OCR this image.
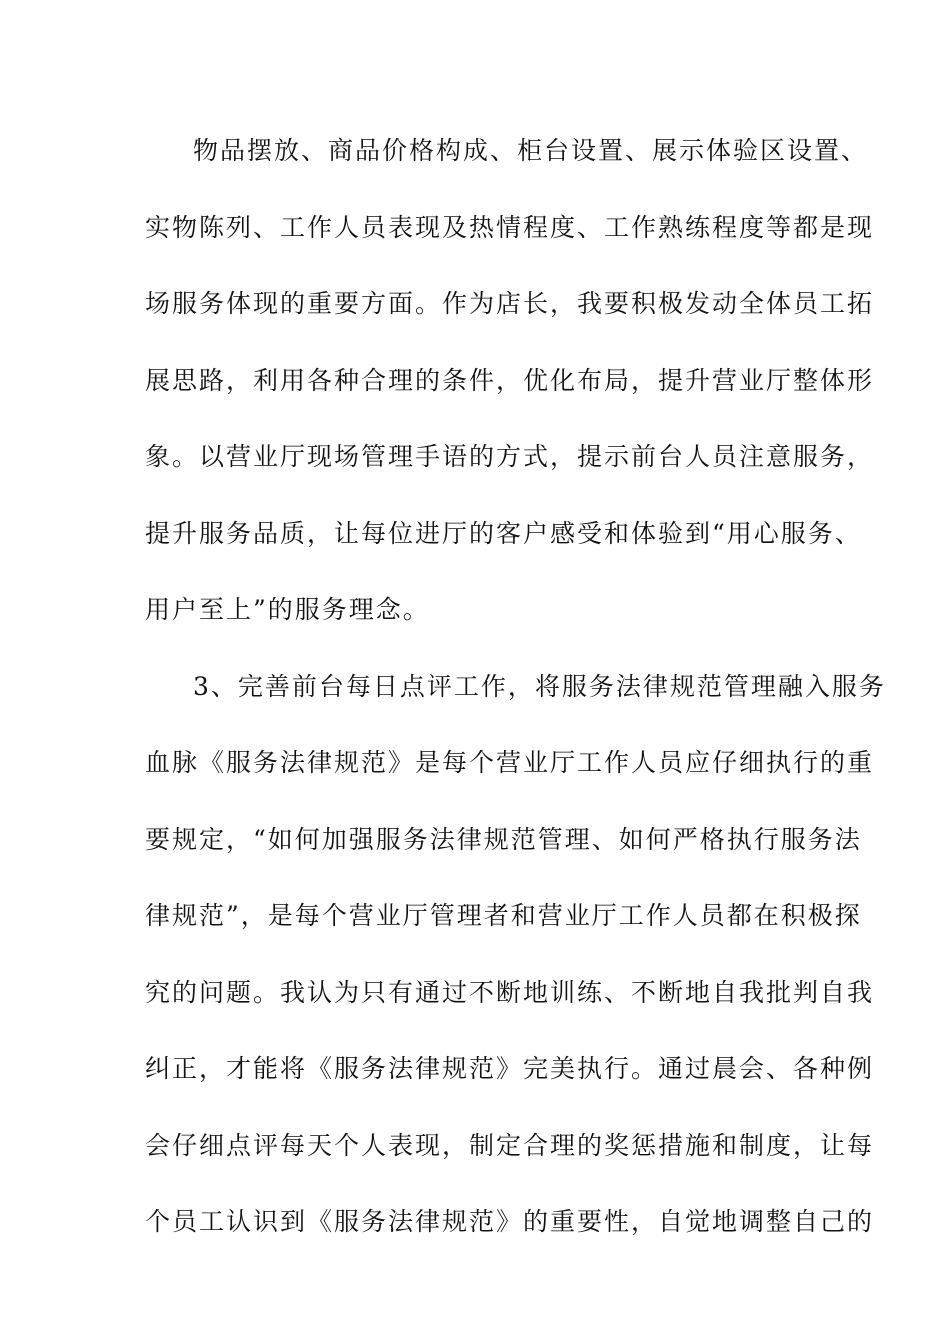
物品摆放、商品价格构成、柜台设置、展示体验区设置、
实物陈列、工作人员表现及热情程度、工作熟练程度等都是现
场服务体现的重要方面。作为店长，我要积极发动全体员工拓
展思路，利用各种合理的条件，优化布局，提升营业厅整体形
象。以营业厅现场管理手语的方式，提示前台人员注意服务，
提升服务品质，让每位进厅的客户感受和体验到“用心服务、
用户至上”的服务理念。
3、完善前台每日点评工作，将服务法律规范管理融入服务
血脉《服务法律规范》是每个营业厅工作人员应仔细执行的重
要规定，“如何加强服务法律规范管理、如何严格执行服务法
律规范”，是每个营业厅管理者和营业厅工作人员都在积极探
究的问题。我认为只有通过不断地训练、不断地自我批判自我
纠正，才能将《服务法律规范》完美执行。通过晨会、各种例
会仔细点评每天个人表现，制定合理的奖惩措施和制度，让每
个员工认识到《服务法律规范》的重要性，自觉地调整自己的
